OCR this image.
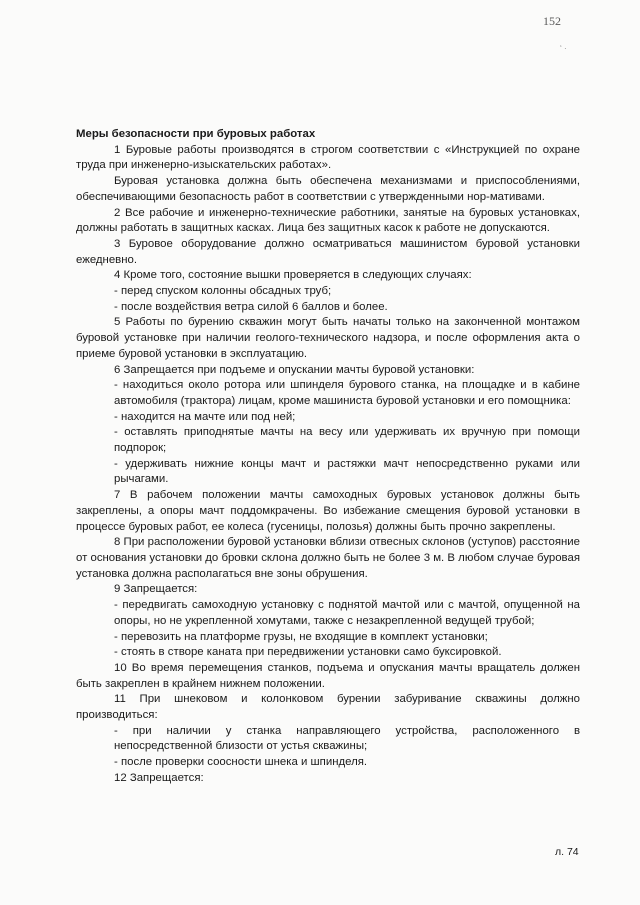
152
‘ ·
Меры безопасности при буровых работах
1 Буровые работы производятся в строгом соответствии с «Инструкцией по охране труда при инженерно-изыскательских работах».
Буровая установка должна быть обеспечена механизмами и приспособлениями, обеспечивающими безопасность работ в соответствии с утвержденными нор-мативами.
2 Все рабочие и инженерно-технические работники, занятые на буровых установках, должны работать в защитных касках. Лица без защитных касок к работе не допускаются.
3 Буровое оборудование должно осматриваться машинистом буровой установки ежедневно.
4 Кроме того, состояние вышки проверяется в следующих случаях:
- перед спуском колонны обсадных труб;
- после воздействия ветра силой 6 баллов и более.
5 Работы по бурению скважин могут быть начаты только на законченной монтажом буровой установке при наличии геолого-технического надзора, и после оформления акта о приеме буровой установки в эксплуатацию.
6 Запрещается при подъеме и опускании мачты буровой установки:
- находиться около ротора или шпинделя бурового станка, на площадке и в кабине автомобиля (трактора) лицам, кроме машиниста буровой установки и его помощника:
- находится на мачте или под ней;
- оставлять приподнятые мачты на весу или удерживать их вручную при помощи подпорок;
- удерживать нижние концы мачт и растяжки мачт непосредственно руками или рычагами.
7 В рабочем положении мачты самоходных буровых установок должны быть закреплены, а опоры мачт поддомкрачены. Во избежание смещения буровой установки в процессе буровых работ, ее колеса (гусеницы, полозья) должны быть прочно закреплены.
8 При расположении буровой установки вблизи отвесных склонов (уступов) расстояние от основания установки до бровки склона должно быть не более 3 м. В любом случае буровая установка должна располагаться вне зоны обрушения.
9 Запрещается:
- передвигать самоходную установку с поднятой мачтой или с мачтой, опущенной на опоры, но не укрепленной хомутами, также с незакрепленной ведущей трубой;
- перевозить на платформе грузы, не входящие в комплект установки;
- стоять в створе каната при передвижении установки само буксировкой.
10 Во время перемещения станков, подъема и опускания мачты вращатель должен быть закреплен в крайнем нижнем положении.
11 При шнековом и колонковом бурении забуривание скважины должно производиться:
- при наличии у станка направляющего устройства, расположенного в непосредственной близости от устья скважины;
- после проверки соосности шнека и шпинделя.
12 Запрещается:
л. 74
